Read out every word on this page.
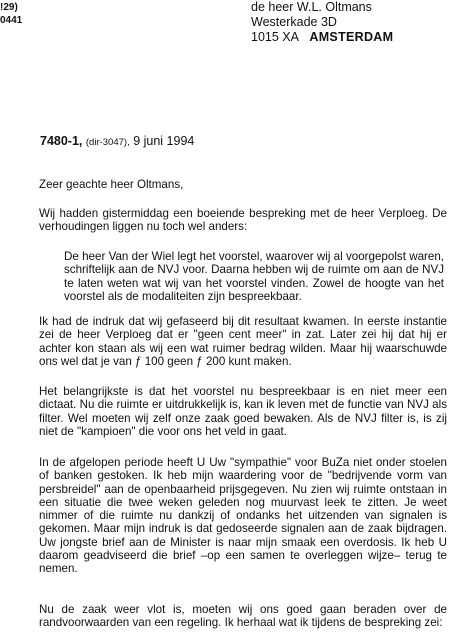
!29)
0441
de heer W.L. Oltmans
Westerkade 3D
1015 XA AMSTERDAM
7480-1, (dir-3047), 9 juni 1994

Zeer geachte heer Oltmans,

Wij hadden gistermiddag een boeiende bespreking met de heer Verploeg. De verhoudingen liggen nu toch wel anders:

De heer Van der Wiel legt het voorstel, waarover wij al voorgepolst waren, schriftelijk aan de NVJ voor. Daarna hebben wij de ruimte om aan de NVJ te laten weten wat wij van het voorstel vinden. Zowel de hoogte van het voorstel als de modaliteiten zijn bespreekbaar.

Ik had de indruk dat wij gefaseerd bij dit resultaat kwamen. In eerste instantie zei de heer Verploeg dat er "geen cent meer" in zat. Later zei hij dat hij er achter kon staan als wij een wat ruimer bedrag wilden. Maar hij waarschuwde ons wel dat je van ƒ 100 geen ƒ 200 kunt maken.

Het belangrijkste is dat het voorstel nu bespreekbaar is en niet meer een dictaat. Nu die ruimte er uitdrukkelijk is, kan ik leven met de functie van NVJ als filter. Wel moeten wij zelf onze zaak goed bewaken. Als de NVJ filter is, is zij niet de "kampioen" die voor ons het veld in gaat.

In de afgelopen periode heeft U Uw "sympathie" voor BuZa niet onder stoelen of banken gestoken. Ik heb mijn waardering voor de "bedrijvende vorm van persbreidel" aan de openbaarheid prijsgegeven. Nu zien wij ruimte ontstaan in een situatie die twee weken geleden nog muurvast leek te zitten. Je weet nimmer of die ruimte nu dankzij of ondanks het uitzenden van signalen is gekomen. Maar mijn indruk is dat gedoseerde signalen aan de zaak bijdragen. Uw jongste brief aan de Minister is naar mijn smaak een overdosis. Ik heb U daarom geadviseerd die brief –op een samen te overleggen wijze– terug te nemen.

Nu de zaak weer vlot is, moeten wij ons goed gaan beraden over de randvoorwaarden van een regeling. Ik herhaal wat ik tijdens de bespreking zei:
